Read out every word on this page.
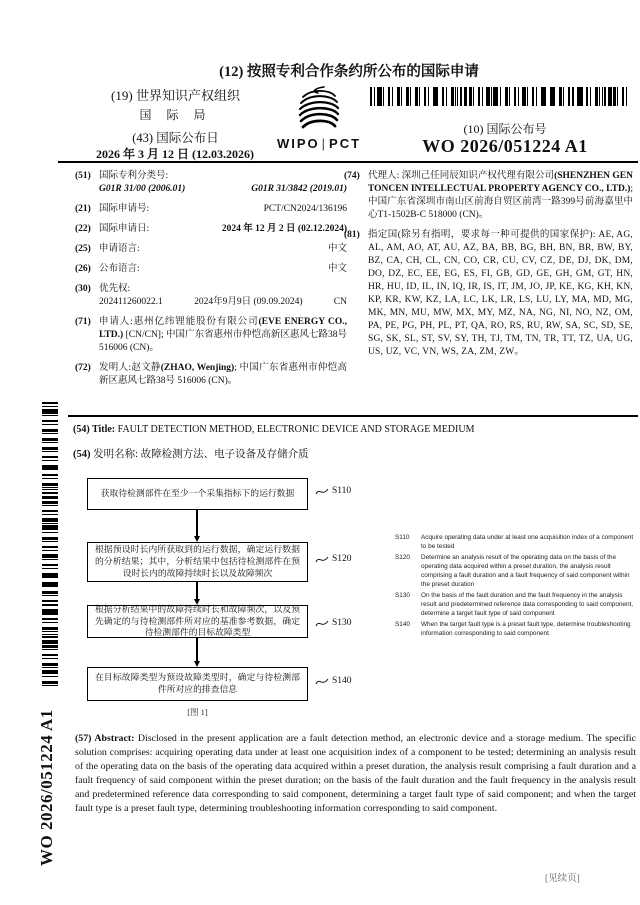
(12) 按照专利合作条约所公布的国际申请
(19) 世界知识产权组织
国 际 局
(43) 国际公布日
2026 年 3 月 12 日 (12.03.2026)
WIPO | PCT
(10) 国际公布号
WO 2026/051224 A1
(51) 国际专利分类号:
G01R 31/00 (2006.01)	G01R 31/3842 (2019.01)
(21) 国际申请号:	PCT/CN2024/136196
(22) 国际申请日:	2024 年 12 月 2 日 (02.12.2024)
(25) 申请语言:	中文
(26) 公布语言:	中文
(30) 优先权:
202411260022.1	2024年9月9日 (09.09.2024)	CN
(71) 申请人:惠州亿纬锂能股份有限公司(EVE ENERGY CO., LTD.) [CN/CN]; 中国广东省惠州市仲恺高新区惠风七路38号 516006 (CN)。
(72) 发明人:赵文静(ZHAO, Wenjing); 中国广东省惠州市仲恺高新区惠风七路38号 516006 (CN)。
(74) 代理人: 深圳己任同辰知识产权代理有限公司(SHENZHEN GEN TONCEN INTELLECTUAL PROPERTY AGENCY CO., LTD.); 中国广东省深圳市南山区前海自贸区前湾一路399号前海嘉里中心T1-1502B-C 518000 (CN)。
(81) 指定国(除另有指明，要求每一种可提供的国家保护): AE, AG, AL, AM, AO, AT, AU, AZ, BA, BB, BG, BH, BN, BR, BW, BY, BZ, CA, CH, CL, CN, CO, CR, CU, CV, CZ, DE, DJ, DK, DM, DO, DZ, EC, EE, EG, ES, FI, GB, GD, GE, GH, GM, GT, HN, HR, HU, ID, IL, IN, IQ, IR, IS, IT, JM, JO, JP, KE, KG, KH, KN, KP, KR, KW, KZ, LA, LC, LK, LR, LS, LU, LY, MA, MD, MG, MK, MN, MU, MW, MX, MY, MZ, NA, NG, NI, NO, NZ, OM, PA, PE, PG, PH, PL, PT, QA, RO, RS, RU, RW, SA, SC, SD, SE, SG, SK, SL, ST, SV, SY, TH, TJ, TM, TN, TR, TT, TZ, UA, UG, US, UZ, VC, VN, WS, ZA, ZM, ZW。
(54) Title: FAULT DETECTION METHOD, ELECTRONIC DEVICE AND STORAGE MEDIUM
(54) 发明名称: 故障检测方法、电子设备及存储介质
获取待检测部件在至少一个采集指标下的运行数据
根据预设时长内所获取到的运行数据，确定运行数据的分析结果；其中，分析结果中包括待检测部件在预设时长内的故障持续时长以及故障频次
根据分析结果中的故障持续时长和故障频次，以及预先确定的与待检测部件所对应的基准参考数据，确定待检测部件的目标故障类型
在目标故障类型为预设故障类型时，确定与待检测部件所对应的排查信息
S110
S120
S130
S140
[图 1]
S110	Acquire operating data under at least one acquisition index of a component to be tested
S120	Determine an analysis result of the operating data on the basis of the operating data acquired within a preset duration, the analysis result comprising a fault duration and a fault frequency of said component within the preset duration
S130	On the basis of the fault duration and the fault frequency in the analysis result and predetermined reference data corresponding to said component, determine a target fault type of said component
S140	When the target fault type is a preset fault type, determine troubleshooting information corresponding to said component
(57) Abstract: Disclosed in the present application are a fault detection method, an electronic device and a storage medium. The specific solution comprises: acquiring operating data under at least one acquisition index of a component to be tested; determining an analysis result of the operating data on the basis of the operating data acquired within a preset duration, the analysis result comprising a fault duration and a fault frequency of said component within the preset duration; on the basis of the fault duration and the fault frequency in the analysis result and predetermined reference data corresponding to said component, determining a target fault type of said component; and when the target fault type is a preset fault type, determining troubleshooting information corresponding to said component.
WO 2026/051224 A1
[见续页]
